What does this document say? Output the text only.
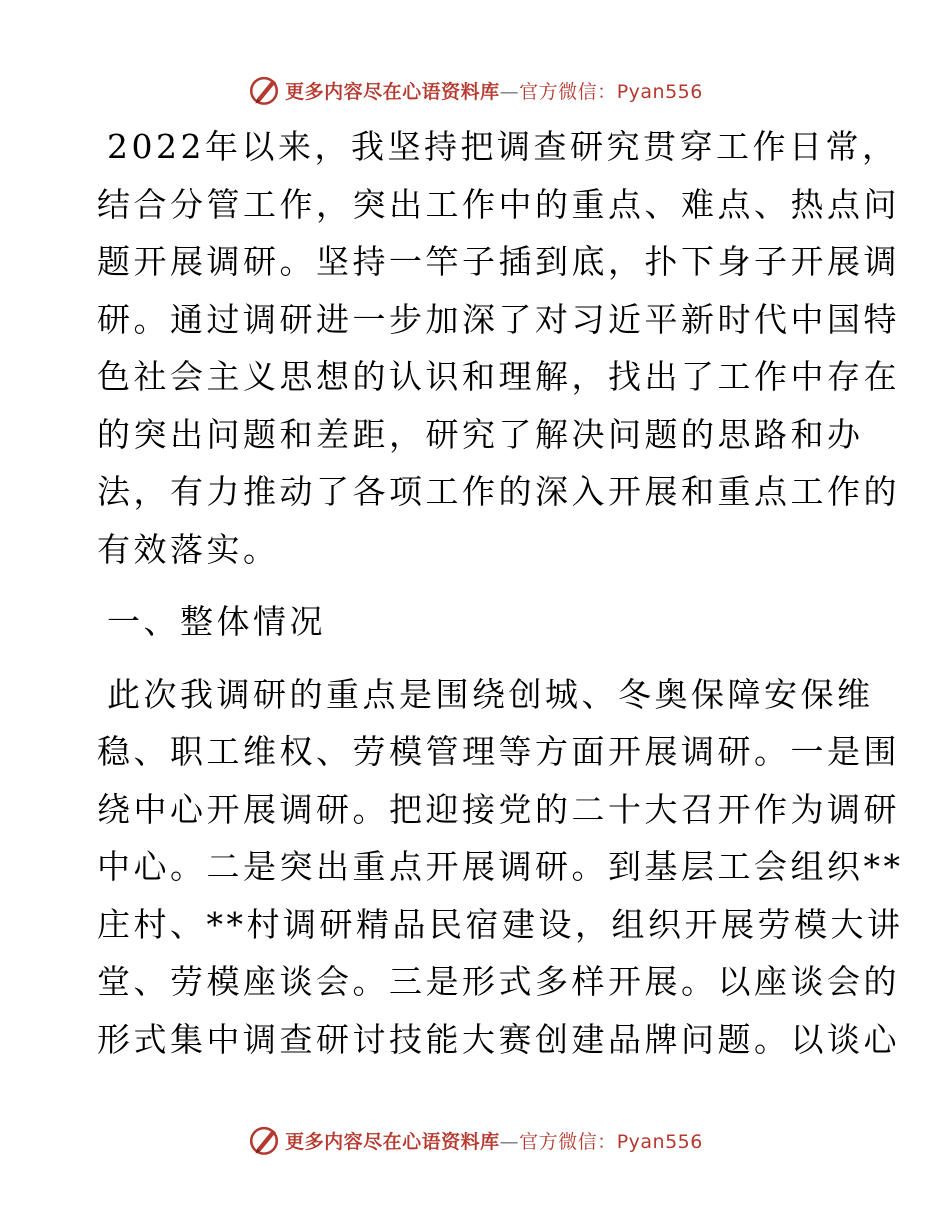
更多内容尽在心语资料库—官方微信：Pyan556
2022年以来，我坚持把调查研究贯穿工作日常，
结合分管工作，突出工作中的重点、难点、热点问
题开展调研。坚持一竿子插到底，扑下身子开展调
研。通过调研进一步加深了对习近平新时代中国特
色社会主义思想的认识和理解，找出了工作中存在
的突出问题和差距，研究了解决问题的思路和办
法，有力推动了各项工作的深入开展和重点工作的
有效落实。
一、整体情况
此次我调研的重点是围绕创城、冬奥保障安保维
稳、职工维权、劳模管理等方面开展调研。一是围
绕中心开展调研。把迎接党的二十大召开作为调研
中心。二是突出重点开展调研。到基层工会组织**
庄村、**村调研精品民宿建设，组织开展劳模大讲
堂、劳模座谈会。三是形式多样开展。以座谈会的
形式集中调查研讨技能大赛创建品牌问题。以谈心
更多内容尽在心语资料库—官方微信：Pyan556
